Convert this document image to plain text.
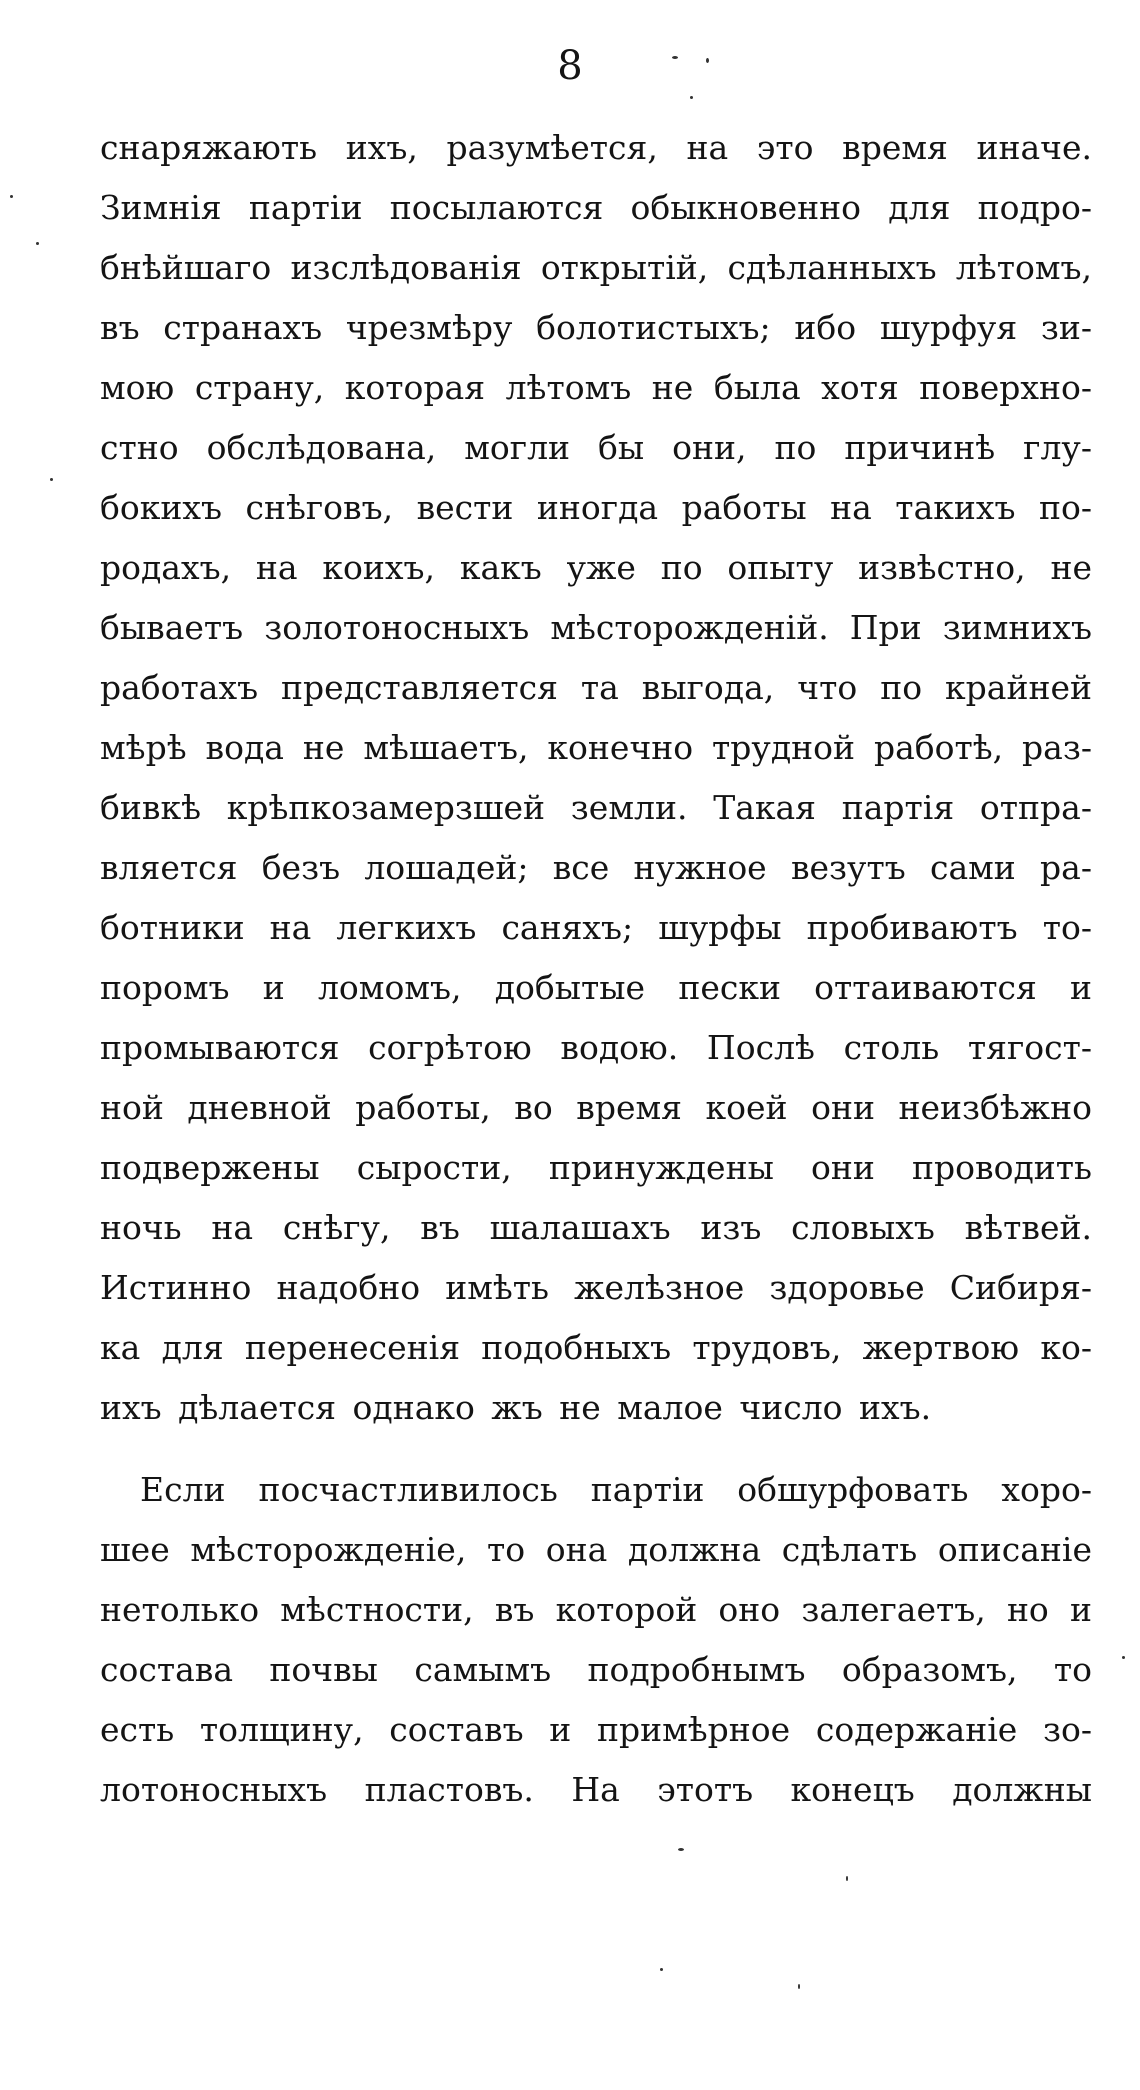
8
снаряжають ихъ, разумѣется, на это время иначе.
Зимнія партіи посылаются обыкновенно для подро-
бнѣйшаго изслѣдованія открытій, сдѣланныхъ лѣтомъ,
въ странахъ чрезмѣру болотистыхъ; ибо шурфуя зи-
мою страну, которая лѣтомъ не была хотя поверхно-
стно обслѣдована, могли бы они, по причинѣ глу-
бокихъ снѣговъ, вести иногда работы на такихъ по-
родахъ, на коихъ, какъ уже по опыту извѣстно, не
бываетъ золотоносныхъ мѣсторожденій. При зимнихъ
работахъ представляется та выгода, что по крайней
мѣрѣ вода не мѣшаетъ, конечно трудной работѣ, раз-
бивкѣ крѣпкозамерзшей земли. Такая партія отпра-
вляется безъ лошадей; все нужное везутъ сами ра-
ботники на легкихъ саняхъ; шурфы пробиваютъ то-
поромъ и ломомъ, добытые пески оттаиваются и
промываются согрѣтою водою. Послѣ столь тягост-
ной дневной работы, во время коей они неизбѣжно
подвержены сырости, принуждены они проводить
ночь на снѣгу, въ шалашахъ изъ словыхъ вѣтвей.
Истинно надобно имѣть желѣзное здоровье Сибиря-
ка для перенесенія подобныхъ трудовъ, жертвою ко-
ихъ дѣлается однако жъ не малое число ихъ.
Если посчастливилось партіи обшурфовать хоро-
шее мѣсторожденіе, то она должна сдѣлать описаніе
нетолько мѣстности, въ которой оно залегаетъ, но и
состава почвы самымъ подробнымъ образомъ, то
есть толщину, составъ и примѣрное содержаніе зо-
лотоносныхъ пластовъ. На этотъ конецъ должны
